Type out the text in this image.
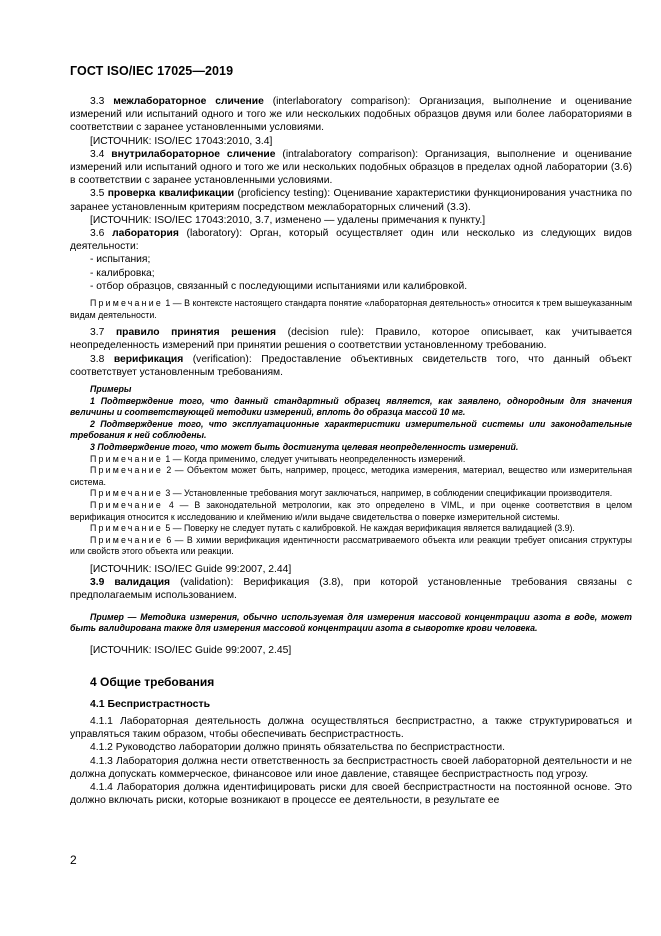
ГОСТ ISO/IEC 17025—2019

3.3 межлабораторное сличение (interlaboratory comparison): Организация, выполнение и оценивание измерений или испытаний одного и того же или нескольких подобных образцов двумя или более лабораториями в соответствии с заранее установленными условиями.

[ИСТОЧНИК: ISO/IEC 17043:2010, 3.4]

3.4 внутрилабораторное сличение (intralaboratory comparison): Организация, выполнение и оценивание измерений или испытаний одного и того же или нескольких подобных образцов в пределах одной лаборатории (3.6) в соответствии с заранее установленными условиями.

3.5 проверка квалификации (proficiency testing): Оценивание характеристики функционирования участника по заранее установленным критериям посредством межлабораторных сличений (3.3).

[ИСТОЧНИК: ISO/IEC 17043:2010, 3.7, изменено — удалены примечания к пункту.]

3.6 лаборатория (laboratory): Орган, который осуществляет один или несколько из следующих видов деятельности:

- испытания;

- калибровка;

- отбор образцов, связанный с последующими испытаниями или калибровкой.

Примечание 1 — В контексте настоящего стандарта понятие «лабораторная деятельность» относится к трем вышеуказанным видам деятельности.

3.7 правило принятия решения (decision rule): Правило, которое описывает, как учитывается неопределенность измерений при принятии решения о соответствии установленному требованию.

3.8 верификация (verification): Предоставление объективных свидетельств того, что данный объект соответствует установленным требованиям.

Примеры

1 Подтверждение того, что данный стандартный образец является, как заявлено, однородным для значения величины и соответствующей методики измерений, вплоть до образца массой 10 мг.

2 Подтверждение того, что эксплуатационные характеристики измерительной системы или законодательные требования к ней соблюдены.

3 Подтверждение того, что может быть достигнута целевая неопределенность измерений.

Примечание 1 — Когда применимо, следует учитывать неопределенность измерений.

Примечание 2 — Объектом может быть, например, процесс, методика измерения, материал, вещество или измерительная система.

Примечание 3 — Установленные требования могут заключаться, например, в соблюдении спецификации производителя.

Примечание 4 — В законодательной метрологии, как это определено в VIML, и при оценке соответствия в целом верификация относится к исследованию и клеймению и/или выдаче свидетельства о поверке измерительной системы.

Примечание 5 — Поверку не следует путать с калибровкой. Не каждая верификация является валидацией (3.9).

Примечание 6 — В химии верификация идентичности рассматриваемого объекта или реакции требует описания структуры или свойств этого объекта или реакции.

[ИСТОЧНИК: ISO/IEC Guide 99:2007, 2.44]

3.9 валидация (validation): Верификация (3.8), при которой установленные требования связаны с предполагаемым использованием.

Пример — Методика измерения, обычно используемая для измерения массовой концентрации азота в воде, может быть валидирована также для измерения массовой концентрации азота в сыворотке крови человека.

[ИСТОЧНИК: ISO/IEC Guide 99:2007, 2.45]

4 Общие требования

4.1 Беспристрастность

4.1.1 Лабораторная деятельность должна осуществляться беспристрастно, а также структурироваться и управляться таким образом, чтобы обеспечивать беспристрастность.

4.1.2 Руководство лаборатории должно принять обязательства по беспристрастности.

4.1.3 Лаборатория должна нести ответственность за беспристрастность своей лабораторной деятельности и не должна допускать коммерческое, финансовое или иное давление, ставящее беспристрастность под угрозу.

4.1.4 Лаборатория должна идентифицировать риски для своей беспристрастности на постоянной основе. Это должно включать риски, которые возникают в процессе ее деятельности, в результате ее

2
